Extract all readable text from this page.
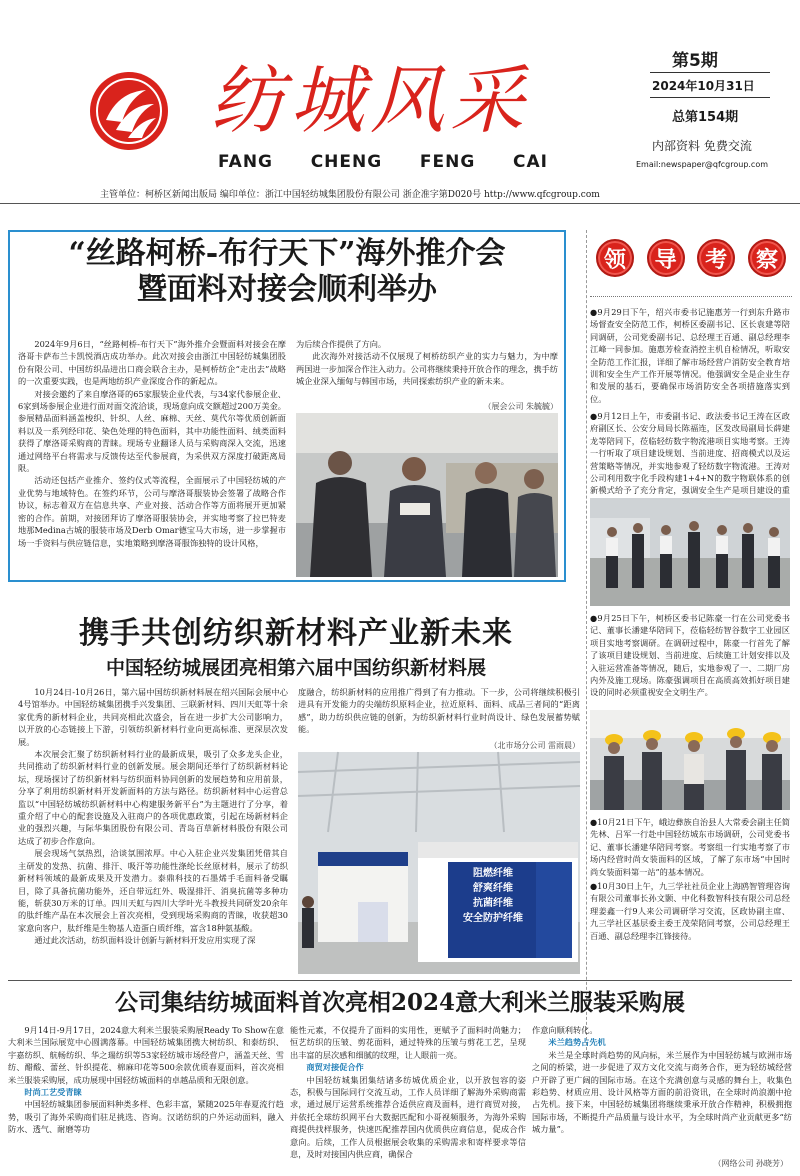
纺城风采
FANG CHENG FENG CAI
第5期
2024年10月31日
总第154期
内部资料 免费交流
Email:newspaper@qfcgroup.com
主管单位：柯桥区新闻出版局 编印单位：浙江中国轻纺城集团股份有限公司 浙企准字第D020号 http://www.qfcgroup.com
“丝路柯桥-布行天下”海外推介会
暨面料对接会顺利举办

2024年9月6日，“丝路柯桥-布行天下”海外推介会暨面料对接会在摩洛哥卡萨布兰卡凯悦酒店成功举办。此次对接会由浙江中国轻纺城集团股份有限公司、中国纺织品进出口商会联合主办，是柯桥纺企“走出去”战略的一次重要实践，也是两地纺织产业深度合作的新起点。

对接会邀约了来自摩洛哥的65家服装企业代表，与34家代参展企业、6家到场参展企业进行面对面交流洽谈，现场意向成交额超过200万美金。参展精品面料涵盖梭织、针织、人丝、麻棉、天丝、莫代尔等优质创新面料以及一系列经印花、染色处理的特色面料，其中功能性面料、绒类面料获得了摩洛哥采购商的青睐。现场专业翻译人员与采购商深入交流，迅速通过网络平台将需求与反馈传达至代参展商，为采供双方深度打破距离局限。

活动还包括产业推介、签约仪式等流程，全面展示了中国轻纺城的产业优势与地域特色。在签约环节，公司与摩洛哥服装协会签署了战略合作协议，标志着双方在信息共享、产业对接、活动合作等方面将展开更加紧密的合作。前期，对接团拜访了摩洛哥服装协会，并实地考察了拉巴特麦地那Medina古城的服装市场及Derb Omar德宝马大市场，进一步掌握市场一手资料与供应链信息，实地策略到摩洛哥服饰独特的设计风格，

为后续合作提供了方向。

此次海外对接活动不仅展现了柯桥纺织产业的实力与魅力，为中摩两国进一步加深合作注入动力。公司将继续秉持开放合作的理念，携手纺城企业深入缅甸与韩国市场，共同探索纺织产业的新未来。

（展会公司 朱毓毓）
领	导	考	察
●9月29日下午，绍兴市委书记施惠芳一行到东升路市场督查安全防范工作，柯桥区委副书记、区长袁建等陪同调研，公司党委副书记、总经理王百通、副总经理李江峰一同参加。施惠芳检查消控主机自检情况，听取安全防范工作汇报，详细了解市场经营户消防安全教育培训和安全生产工作开展等情况。他强调安全是企业生存和发展的基石，要确保市场消防安全各项措施落实到位。
●9月12日上午，市委副书记、政法委书记王涛在区政府副区长、公安分局局长陈福连，区发改局副局长薛建龙等陪同下，莅临轻纺数字物流港项目实地考察。王涛一行听取了项目建设规划、当前进度、招商模式以及运营策略等情况，并实地参观了轻纺数字物流港。王涛对公司利用数字化手段构建1+4+N的数字物联体系的创新模式给予了充分肯定，强调安全生产是项目建设的重
●9月25日下午，柯桥区委书记陈豪一行在公司党委书记、董事长潘建华陪同下，莅临轻纺智谷数字工业园区项目实地考察调研。在调研过程中，陈豪一行首先了解了该项目建设规划、当前进度、后续施工计划安排以及入驻运营准备等情况，随后，实地参观了一、二期厂房内外及施工现场。陈豪强调项目在高质高效抓好项目建设的同时必须重视安全文明生产。
●10月21日下午，峨边彝族自治县人大常委会副主任简先林、吕军一行赴中国轻纺城东市场调研，公司党委书记、董事长潘建华陪同考察。考察组一行实地考察了市场内经营时尚女装面料的区域，了解了东市场“中国时尚女装面料第一站”的基本情况。
●10月30日上午，九三学社社员企业上海鸥智管理咨询有限公司董事长孙文颢、中化科数智科技有限公司总经理姜鑫一行9人来公司调研学习交流，区政协副主席、九三学社区基层委主委王茂荣陪同考察，公司总经理王百通、副总经理李江锋接待。
携手共创纺织新材料产业新未来
中国轻纺城展团亮相第六届中国纺织新材料展

10月24日-10月26日，第六届中国纺织新材料展在绍兴国际会展中心4号馆举办。中国轻纺城集团携手兴发集团、三联新材料、四川天虹等十余家优秀的新材料企业，共同亮相此次盛会，旨在进一步扩大公司影响力，以开放的心态链接上下游，引领纺织新材料行业向更高标准、更深层次发展。

本次展会汇聚了纺织新材料行业的最新成果，吸引了众多龙头企业，共同推动了纺织新材料行业的创新发展。展会期间还举行了纺织新材料论坛，现场探讨了纺织新材料与纺织面料协同创新的发展趋势和应用前景，分享了利用纺织新材料开发新面料的方法与路径。纺织新材料中心运营总监以“中国轻纺城纺织新材料中心构建服务新平台”为主题进行了分享，着重介绍了中心的配套设施及入驻商户的各项优惠政策，引起在场新材料企业的强烈兴趣，与际华集团股份有限公司、青岛百草新材料股份有限公司达成了初步合作意向。

展会现场气氛热烈，洽谈氛围浓厚。中心入驻企业兴发集团凭借其自主研发的发热、抗菌、排汗、吸汗等功能性涤纶长丝原材料，展示了纺织新材料领域的最新成果及开发潜力。泰鼎科技的石墨烯手毛面料备受瞩目，除了具备抗菌功能外，还自带远红外、吸湿排汗、消臭抗菌等多种功能，斩获30万米的订单。四川天虹与四川大学叶光斗教授共同研发20余年的肽纤维产品在本次展会上首次亮相，受到现场采购商的青睐，收获超30家意向客户，肽纤维是生物基人造蛋白质纤维，富含18种氨基酸。

通过此次活动，纺织面料设计创新与新材料开发应用实现了深

度融合，纺织新材料的应用推广得到了有力推动。下一步，公司将继续积极引进具有开发能力的尖端纺织原料企业，拉近原料、面料、成品三者间的“距离感”，助力纺织供应链的创新，为纺织新材料行业时尚设计、绿色发展蓄势赋能。

（北市场分公司 雷雨晨）
阻燃纤维
舒爽纤维
抗菌纤维
安全防护纤维
公司集结纺城面料首次亮相2024意大利米兰服装采购展

9月14日-9月17日，2024意大利米兰服装采购展Ready To Show在意大利米兰国际展览中心圆满落幕。中国轻纺城集团携大树纺织、和泰纺织、宇嘉纺织、航畅纺织、华之瑞纺织等53家轻纺城市场经营户，涵盖天丝、雪纺、醋酸、蕾丝、针织提花、棉麻印花等500余款优质春夏面料，首次亮相米兰服装采购展，成功展现中国轻纺城面料的卓越品质和无限创意。

时尚工艺受青睐

中国轻纺城集团参展面料种类多样、色彩丰富，紧随2025年春夏流行趋势，吸引了海外采购商们驻足挑选、咨询。汉诺纺织的户外运动面料，融入防水、透气、耐磨等功

能性元素，不仅提升了面料的实用性，更赋予了面料时尚魅力；恒艺纺织的压皱、剪花面料，通过特殊的压皱与剪花工艺，呈现出丰富的层次感和细腻的纹理，让人眼前一亮。

商贸对接促合作

中国轻纺城集团集结诸多纺城优质企业，以开放包容的姿态，积极与国际同行交流互动，工作人员详细了解海外采购商需求，通过展厅运营系统推荐合适供应商及面料，进行商贸对接，并依托全球纺织网平台大数据匹配和小哥视频服务，为海外采购商提供找样服务，快速匹配推荐国内优质供应商信息，促成合作意向。后续，工作人员根据展会收集的采购需求和寄样要求等信息，及时对接国内供应商，确保合

作意向顺利转化。

米兰趋势占先机

米兰是全球时尚趋势的风向标，米兰展作为中国轻纺城与欧洲市场之间的桥梁，进一步促进了双方文化交流与商务合作，更为轻纺城经营户开辟了更广阔的国际市场。在这个充满创意与灵感的舞台上，收集色彩趋势、材质应用、设计风格等方面的前沿资讯，在全球时尚浪潮中抢占先机。接下来，中国轻纺城集团将继续秉承开放合作精神，积极拥抱国际市场，不断提升产品质量与设计水平，为全球时尚产业贡献更多“纺城力量”。

（网络公司 孙晓芳）
